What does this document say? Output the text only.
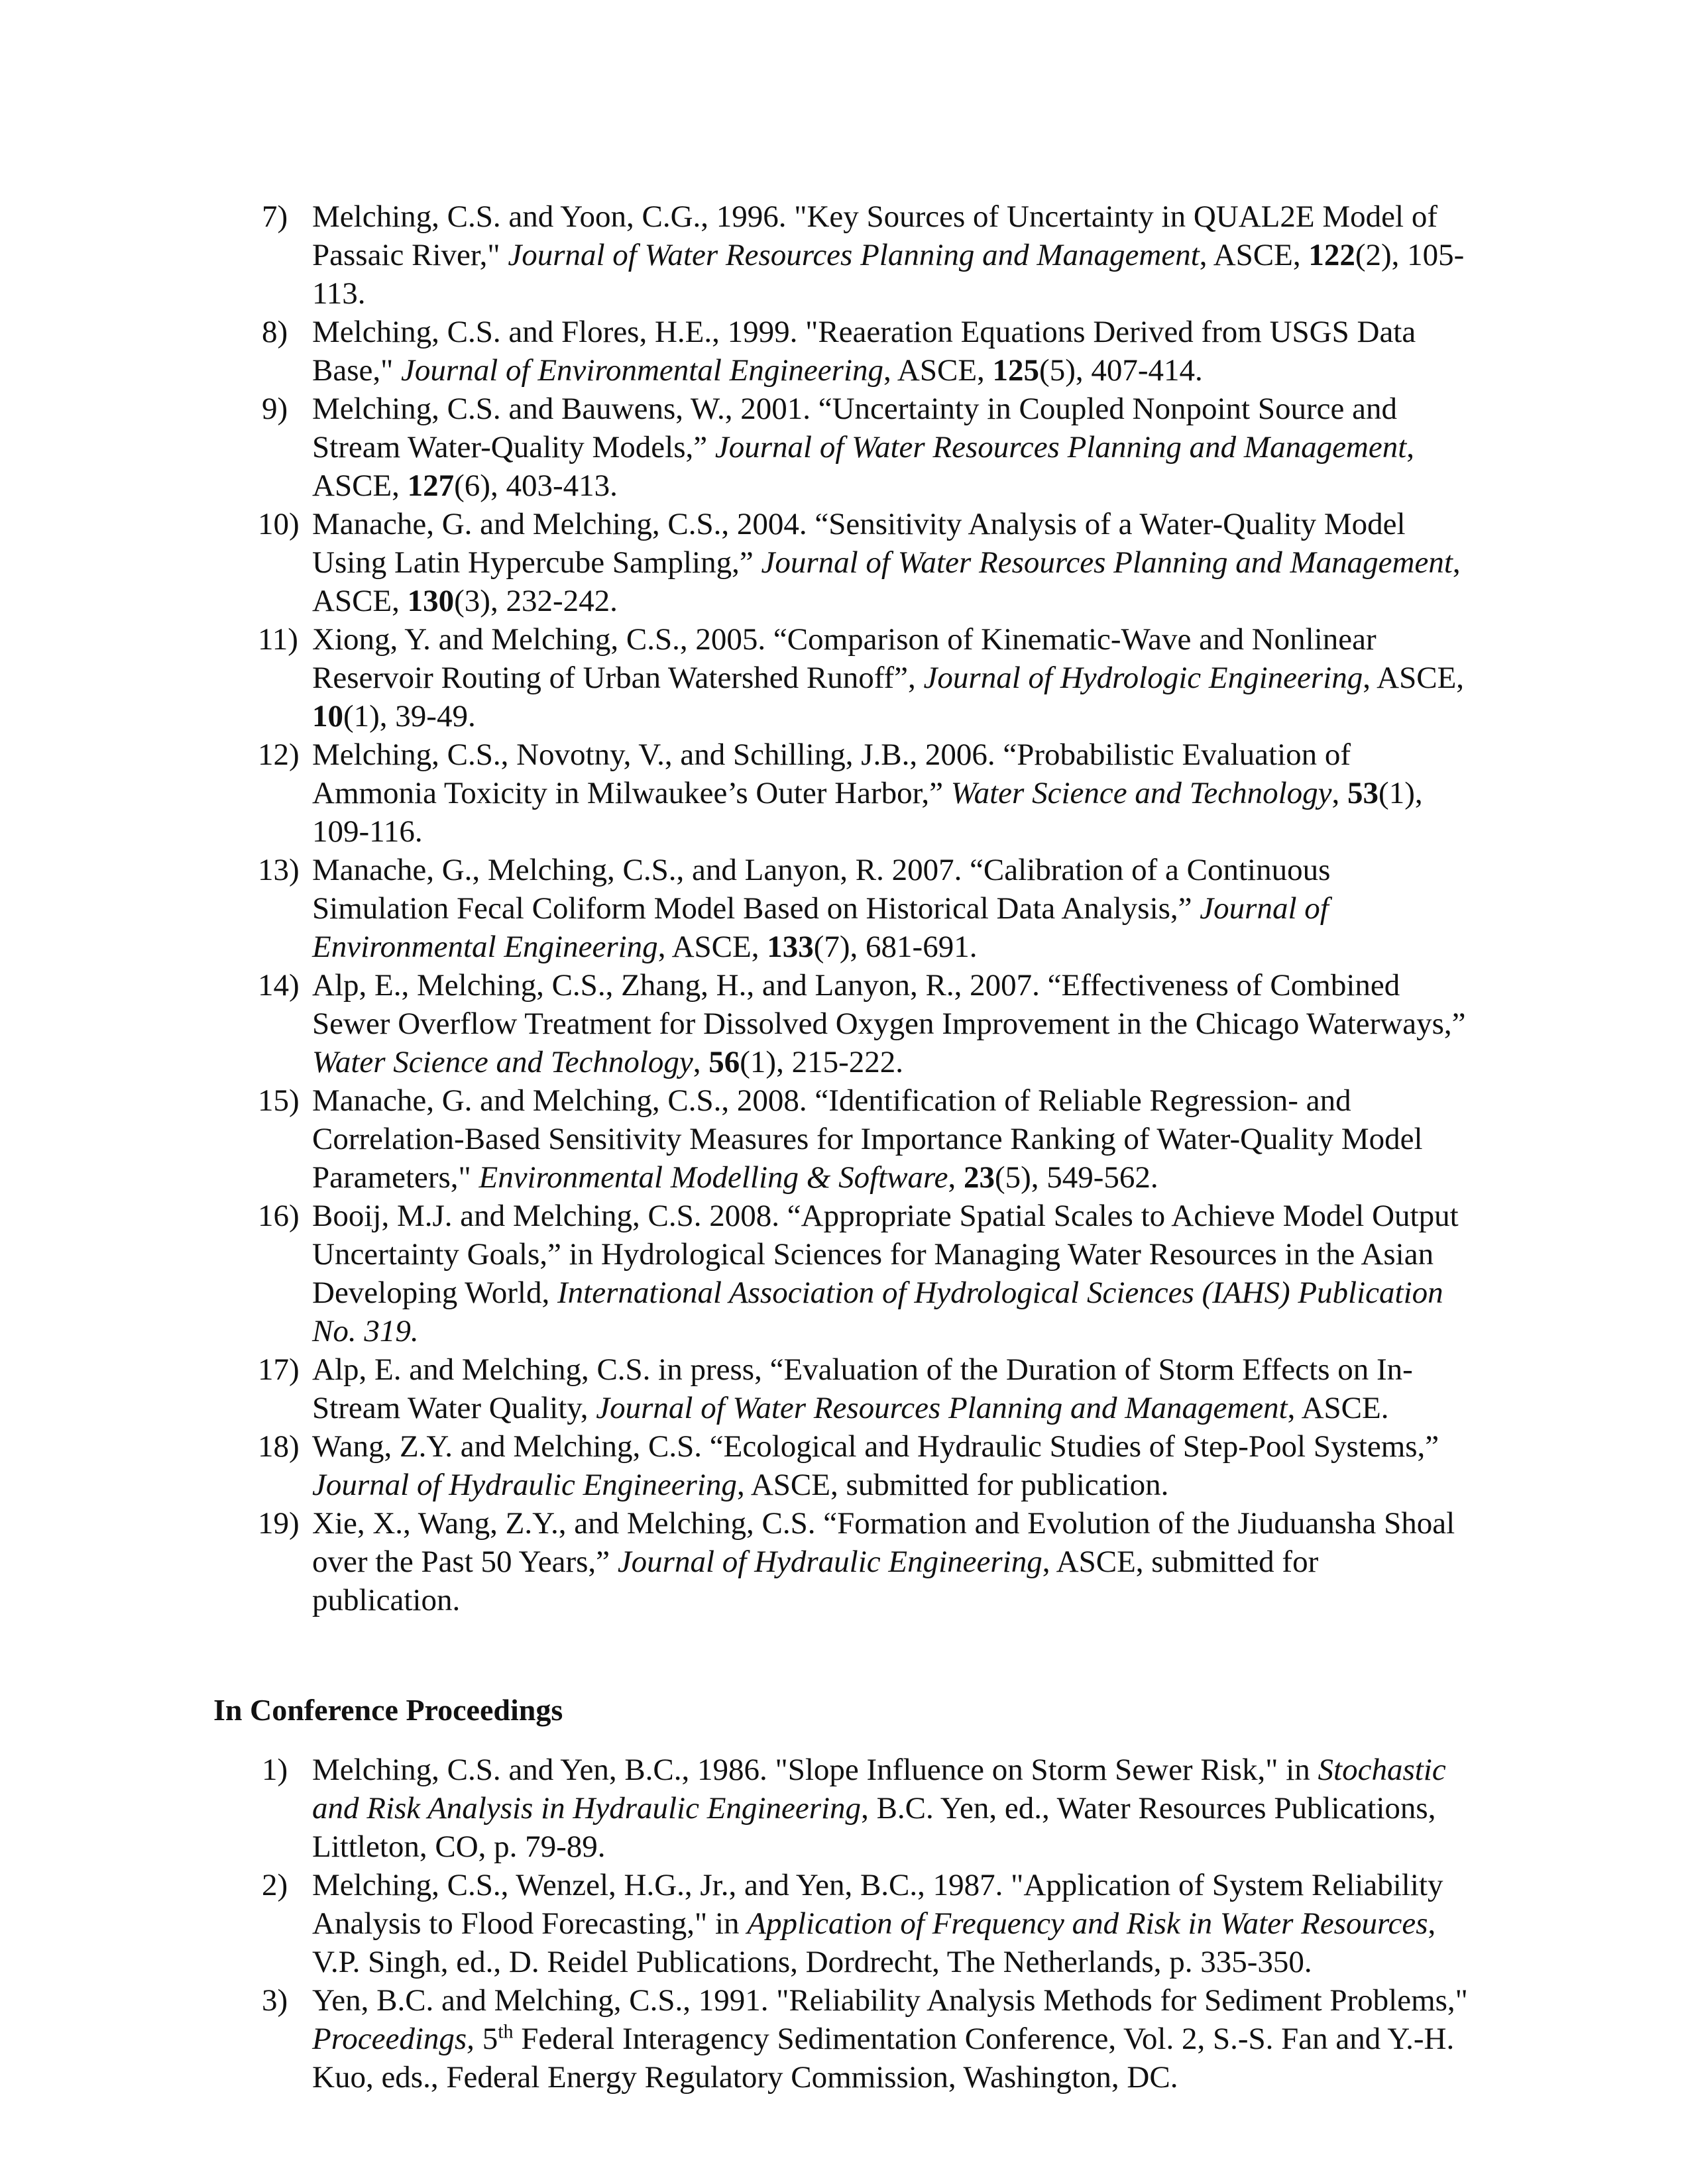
7) Melching, C.S. and Yoon, C.G., 1996. "Key Sources of Uncertainty in QUAL2E Model of Passaic River," Journal of Water Resources Planning and Management, ASCE, 122(2), 105-113.
8) Melching, C.S. and Flores, H.E., 1999. "Reaeration Equations Derived from USGS Data Base," Journal of Environmental Engineering, ASCE, 125(5), 407-414.
9) Melching, C.S. and Bauwens, W., 2001. “Uncertainty in Coupled Nonpoint Source and Stream Water-Quality Models,” Journal of Water Resources Planning and Management, ASCE, 127(6), 403-413.
10) Manache, G. and Melching, C.S., 2004. “Sensitivity Analysis of a Water-Quality Model Using Latin Hypercube Sampling,” Journal of Water Resources Planning and Management, ASCE, 130(3), 232-242.
11) Xiong, Y. and Melching, C.S., 2005. “Comparison of Kinematic-Wave and Nonlinear Reservoir Routing of Urban Watershed Runoff”, Journal of Hydrologic Engineering, ASCE, 10(1), 39-49.
12) Melching, C.S., Novotny, V., and Schilling, J.B., 2006. “Probabilistic Evaluation of Ammonia Toxicity in Milwaukee’s Outer Harbor,” Water Science and Technology, 53(1), 109-116.
13) Manache, G., Melching, C.S., and Lanyon, R. 2007. “Calibration of a Continuous Simulation Fecal Coliform Model Based on Historical Data Analysis,” Journal of Environmental Engineering, ASCE, 133(7), 681-691.
14) Alp, E., Melching, C.S., Zhang, H., and Lanyon, R., 2007. “Effectiveness of Combined Sewer Overflow Treatment for Dissolved Oxygen Improvement in the Chicago Waterways,” Water Science and Technology, 56(1), 215-222.
15) Manache, G. and Melching, C.S., 2008. “Identification of Reliable Regression- and Correlation-Based Sensitivity Measures for Importance Ranking of Water-Quality Model Parameters," Environmental Modelling & Software, 23(5), 549-562.
16) Booij, M.J. and Melching, C.S. 2008. “Appropriate Spatial Scales to Achieve Model Output Uncertainty Goals,” in Hydrological Sciences for Managing Water Resources in the Asian Developing World, International Association of Hydrological Sciences (IAHS) Publication No. 319.
17) Alp, E. and Melching, C.S. in press, “Evaluation of the Duration of Storm Effects on In-Stream Water Quality, Journal of Water Resources Planning and Management, ASCE.
18) Wang, Z.Y. and Melching, C.S. “Ecological and Hydraulic Studies of Step-Pool Systems,” Journal of Hydraulic Engineering, ASCE, submitted for publication.
19) Xie, X., Wang, Z.Y., and Melching, C.S. “Formation and Evolution of the Jiuduansha Shoal over the Past 50 Years,” Journal of Hydraulic Engineering, ASCE, submitted for publication.
In Conference Proceedings
1) Melching, C.S. and Yen, B.C., 1986. "Slope Influence on Storm Sewer Risk," in Stochastic and Risk Analysis in Hydraulic Engineering, B.C. Yen, ed., Water Resources Publications, Littleton, CO, p. 79-89.
2) Melching, C.S., Wenzel, H.G., Jr., and Yen, B.C., 1987. "Application of System Reliability Analysis to Flood Forecasting," in Application of Frequency and Risk in Water Resources, V.P. Singh, ed., D. Reidel Publications, Dordrecht, The Netherlands, p. 335-350.
3) Yen, B.C. and Melching, C.S., 1991. "Reliability Analysis Methods for Sediment Problems," Proceedings, 5th Federal Interagency Sedimentation Conference, Vol. 2, S.-S. Fan and Y.-H. Kuo, eds., Federal Energy Regulatory Commission, Washington, DC.
